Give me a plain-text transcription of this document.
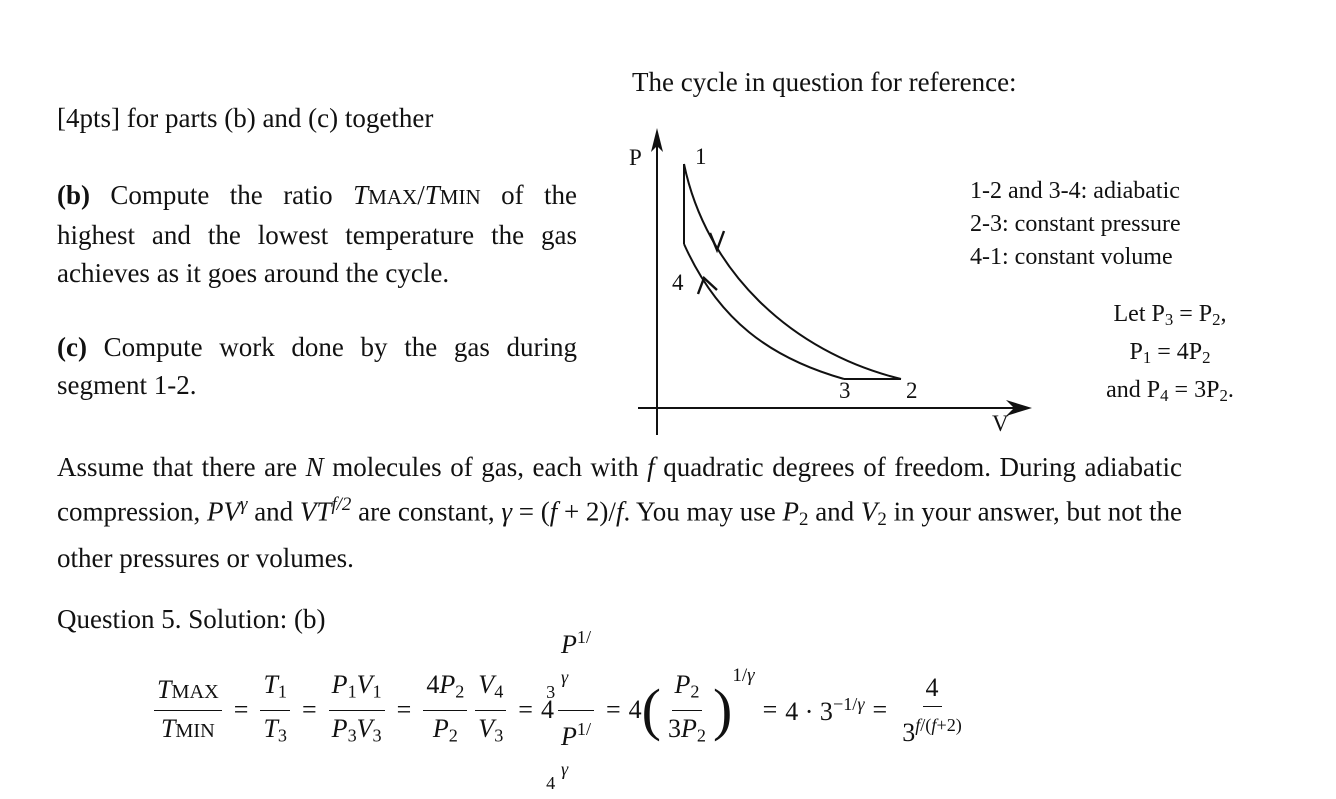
[4pts] for parts (b) and (c) together
(b) Compute the ratio TMAX/TMIN of the highest and the lowest temperature the gas achieves as it goes around the cycle.
(c) Compute work done by the gas during segment 1-2.
The cycle in question for reference:
P
V
1
2
3
4
1-2 and 3-4: adiabatic
2-3: constant pressure
4-1: constant volume
Let $P_3 = P_2$,
$P_1 = 4P_2$
and $P_4 = 3P_2$.
Assume that there are N molecules of gas, each with f quadratic degrees of freedom. During adiabatic compression, $PV^\gamma$ and $VT^{f/2}$ are constant, γ = (f + 2)/f. You may use $P_2$ and $V_2$ in your answer, but not the other pressures or volumes.
Question 5. Solution: (b)
$\frac{\text{TMAX}}{\text{TMIN}} = \frac{T_1}{T_3} = \frac{P_1V_1}{P_3V_3} = \frac{4P_2}{P_2} \frac{V_4}{V_3} = 4 \frac{P^{1/\gamma}_3}{P^{1/\gamma}_4} = 4$ ( $\frac{P_2}{3P_2}$ )
1/γ
= $4 \cdot 3^{-1/\gamma} = \frac{4}{3^{f/(f+2)}}$
